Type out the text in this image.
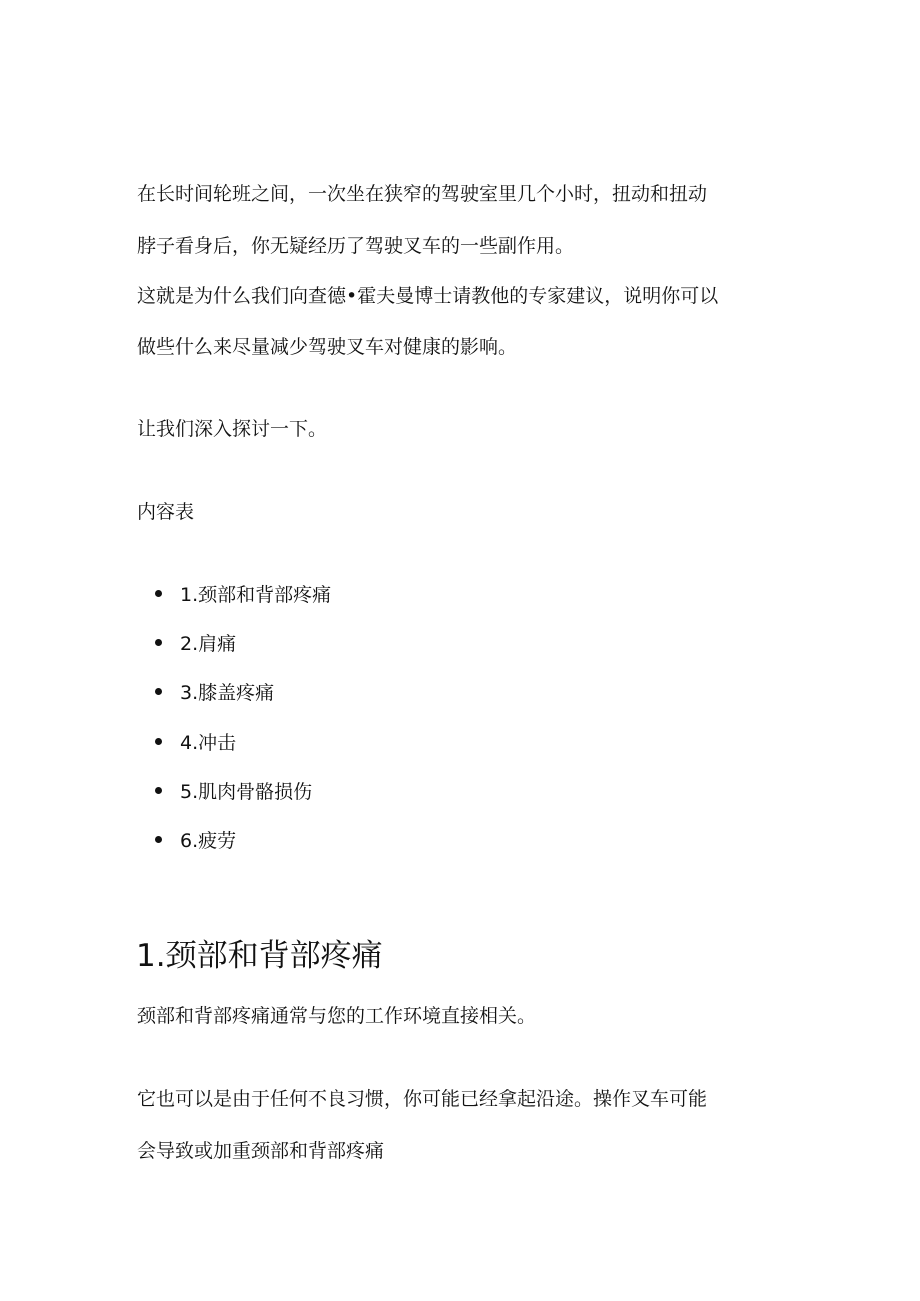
在长时间轮班之间，一次坐在狭窄的驾驶室里几个小时，扭动和扭动

脖子看身后，你无疑经历了驾驶叉车的一些副作用。

这就是为什么我们向查德•霍夫曼博士请教他的专家建议，说明你可以

做些什么来尽量减少驾驶叉车对健康的影响。

让我们深入探讨一下。

内容表

1.颈部和背部疼痛
2.肩痛
3.膝盖疼痛
4.冲击
5.肌肉骨骼损伤
6.疲劳
1.颈部和背部疼痛

颈部和背部疼痛通常与您的工作环境直接相关。

它也可以是由于任何不良习惯，你可能已经拿起沿途。操作叉车可能

会导致或加重颈部和背部疼痛
